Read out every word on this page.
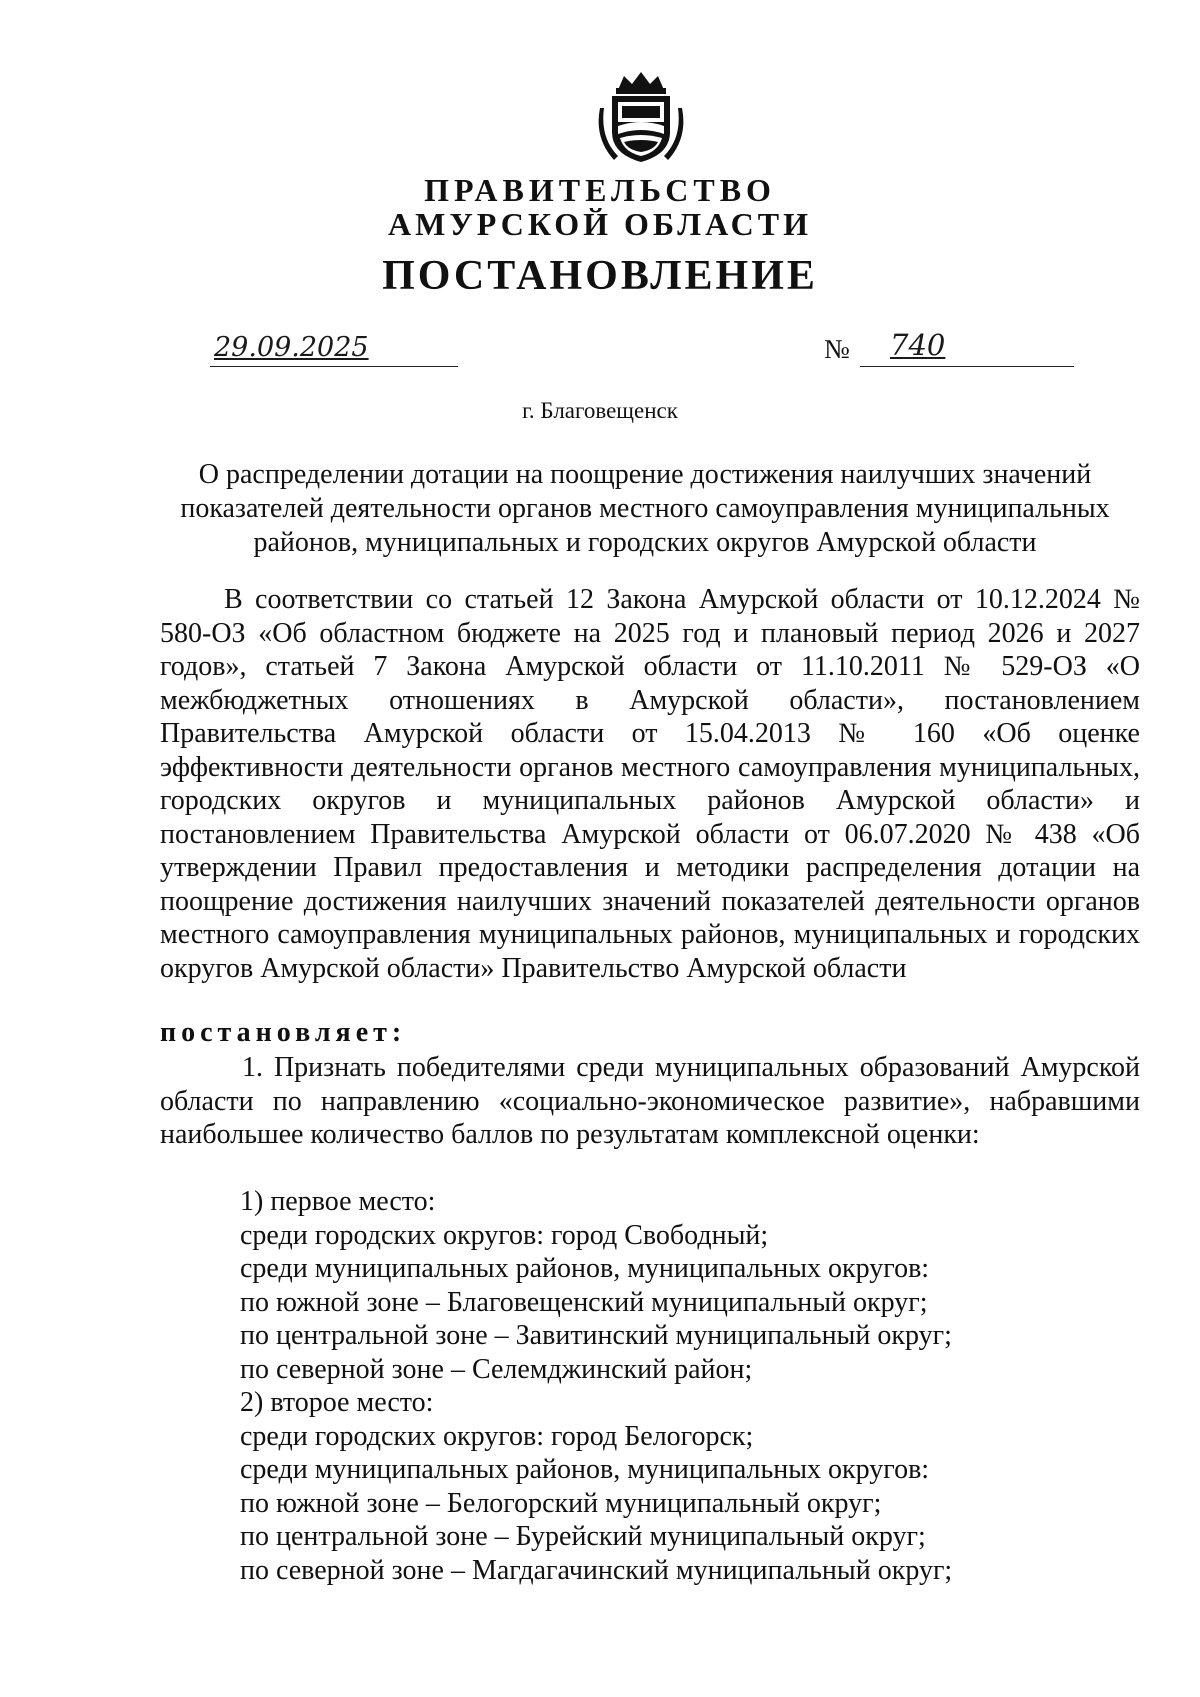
ПРАВИТЕЛЬСТВО
АМУРСКОЙ ОБЛАСТИ
ПОСТАНОВЛЕНИЕ
29.09.2025	№ 740
г. Благовещенск
О распределении дотации на поощрение достижения наилучших значений показателей деятельности органов местного самоуправления муниципальных районов, муниципальных и городских округов Амурской области
В соответствии со статьей 12 Закона Амурской области от 10.12.2024 № 580-ОЗ «Об областном бюджете на 2025 год и плановый период 2026 и 2027 годов», статьей 7 Закона Амурской области от 11.10.2011 № 529-ОЗ «О межбюджетных отношениях в Амурской области», постановлением Правительства Амурской области от 15.04.2013 № 160 «Об оценке эффективности деятельности органов местного самоуправления муниципальных, городских округов и муниципальных районов Амурской области» и постановлением Правительства Амурской области от 06.07.2020 № 438 «Об утверждении Правил предоставления и методики распределения дотации на поощрение достижения наилучших значений показателей деятельности органов местного самоуправления муниципальных районов, муниципальных и городских округов Амурской области» Правительство Амурской области
постановляет:
1. Признать победителями среди муниципальных образований Амурской области по направлению «социально-экономическое развитие», набравшими наибольшее количество баллов по результатам комплексной оценки:
1) первое место:
среди городских округов: город Свободный;
среди муниципальных районов, муниципальных округов:
по южной зоне – Благовещенский муниципальный округ;
по центральной зоне – Завитинский муниципальный округ;
по северной зоне – Селемджинский район;
2) второе место:
среди городских округов: город Белогорск;
среди муниципальных районов, муниципальных округов:
по южной зоне – Белогорский муниципальный округ;
по центральной зоне – Бурейский муниципальный округ;
по северной зоне – Магдагачинский муниципальный округ;
